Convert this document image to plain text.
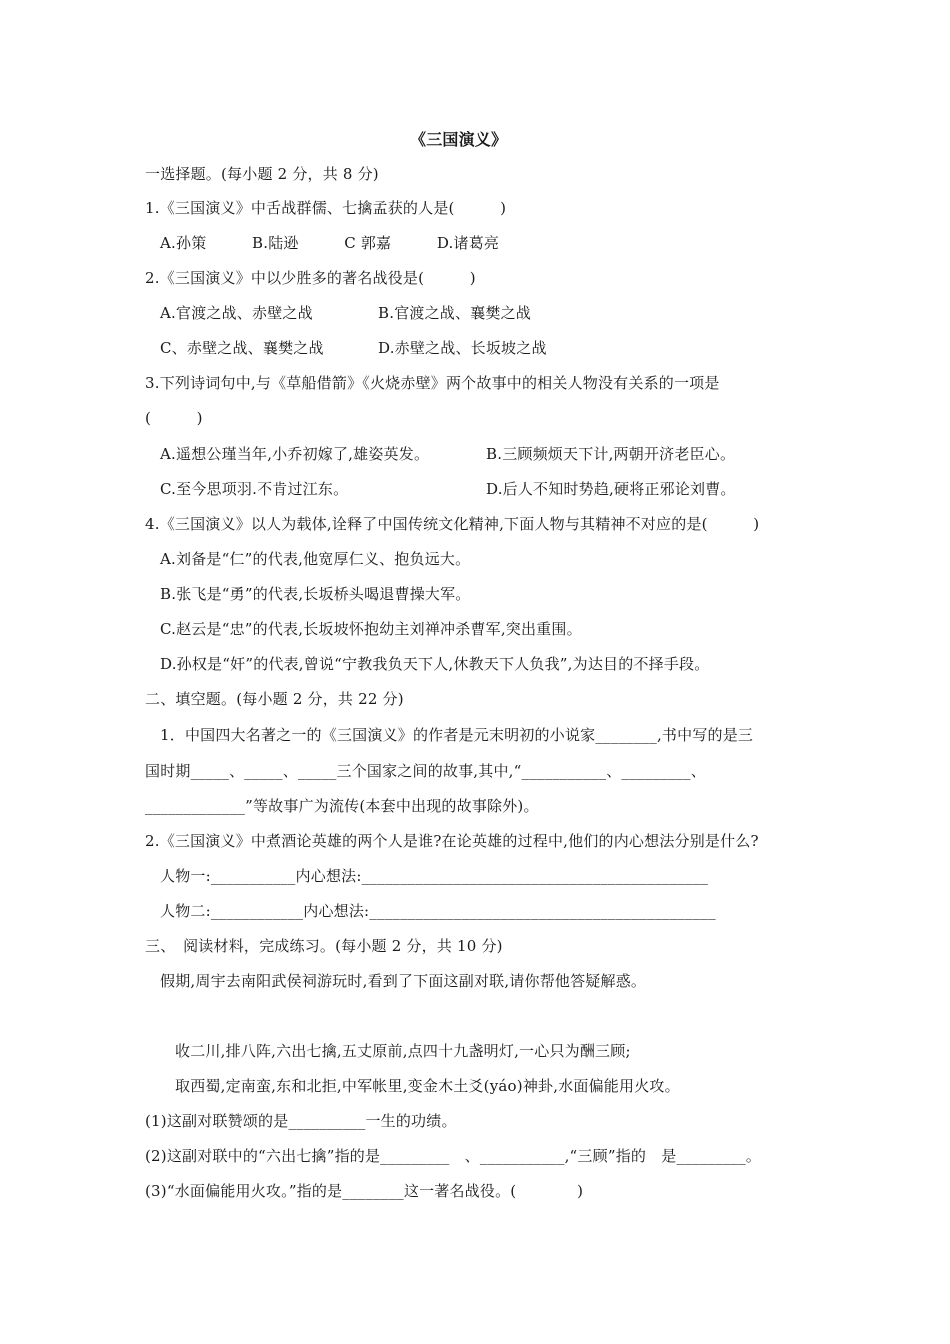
《三国演义》
一选择题。(每小题 2 分，共 8 分)
1.《三国演义》中舌战群儒、七擒孟获的人是(　　　)
A.孙策　　　B.陆逊　　　C 郭嘉　　　D.诸葛亮
2.《三国演义》中以少胜多的著名战役是(　　　)
A.官渡之战、赤壁之战	B.官渡之战、襄樊之战
C、赤壁之战、襄樊之战	D.赤壁之战、长坂坡之战
3.下列诗词句中,与《草船借箭》《火烧赤壁》两个故事中的相关人物没有关系的一项是
(　　　)
A.遥想公瑾当年,小乔初嫁了,雄姿英发。	B.三顾频烦天下计,两朝开济老臣心。
C.至今思项羽.不肯过江东。	D.后人不知时势趋,硬将正邪论刘曹。
4.《三国演义》以人为载体,诠释了中国传统文化精神,下面人物与其精神不对应的是(　　　)
A.刘备是“仁”的代表,他宽厚仁义、抱负远大。
B.张飞是“勇”的代表,长坂桥头喝退曹操大军。
C.赵云是“忠”的代表,长坂坡怀抱幼主刘禅冲杀曹军,突出重围。
D.孙权是“奸”的代表,曾说“宁教我负天下人,休教天下人负我”,为达目的不择手段。
二、填空题。(每小题 2 分，共 22 分)
1．中国四大名著之一的《三国演义》的作者是元末明初的小说家________,书中写的是三
国时期_____、_____、_____三个国家之间的故事,其中,“___________、_________、
_____________”等故事广为流传(本套中出现的故事除外)。
2.《三国演义》中煮酒论英雄的两个人是谁?在论英雄的过程中,他们的内心想法分别是什么?
人物一:___________内心想法:_____________________________________________
人物二:____________内心想法:_____________________________________________
三、　阅读材料，完成练习。(每小题 2 分，共 10 分)
假期,周宇去南阳武侯祠游玩时,看到了下面这副对联,请你帮他答疑解惑。
收二川,排八阵,六出七擒,五丈原前,点四十九盏明灯,一心只为酬三顾;
取西蜀,定南蛮,东和北拒,中军帐里,变金木土爻(yáo)神卦,水面偏能用火攻。
(1)这副对联赞颂的是__________一生的功绩。
(2)这副对联中的“六出七擒”指的是_________　、___________,“三顾”指的　是_________。
(3)“水面偏能用火攻。”指的是________这一著名战役。(　　　　)
